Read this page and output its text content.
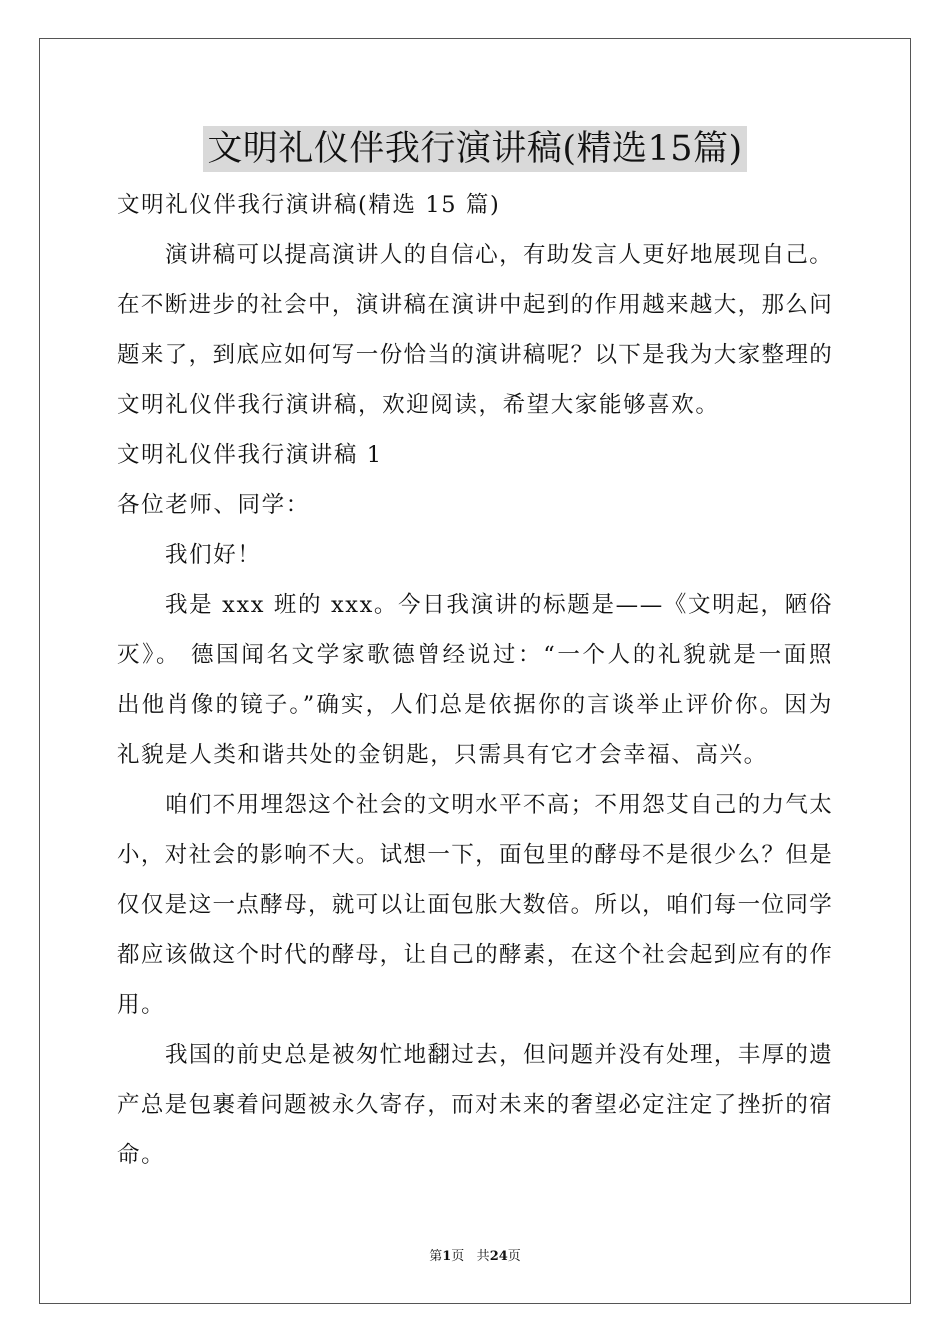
文明礼仪伴我行演讲稿(精选15篇)
文明礼仪伴我行演讲稿(精选 15 篇)
演讲稿可以提高演讲人的自信心，有助发言人更好地展现自己。
在不断进步的社会中，演讲稿在演讲中起到的作用越来越大，那么问
题来了，到底应如何写一份恰当的演讲稿呢？以下是我为大家整理的
文明礼仪伴我行演讲稿，欢迎阅读，希望大家能够喜欢。
文明礼仪伴我行演讲稿 1
各位老师、同学：
我们好！
我是 xxx 班的 xxx。今日我演讲的标题是——《文明起，陋俗
灭》。 德国闻名文学家歌德曾经说过：“一个人的礼貌就是一面照
出他肖像的镜子。”确实，人们总是依据你的言谈举止评价你。因为
礼貌是人类和谐共处的金钥匙，只需具有它才会幸福、高兴。
咱们不用埋怨这个社会的文明水平不高；不用怨艾自己的力气太
小，对社会的影响不大。试想一下，面包里的酵母不是很少么？但是
仅仅是这一点酵母，就可以让面包胀大数倍。所以，咱们每一位同学
都应该做这个时代的酵母，让自己的酵素，在这个社会起到应有的作
用。
我国的前史总是被匆忙地翻过去，但问题并没有处理，丰厚的遗
产总是包裹着问题被永久寄存，而对未来的奢望必定注定了挫折的宿
命。
第1页 共24页
